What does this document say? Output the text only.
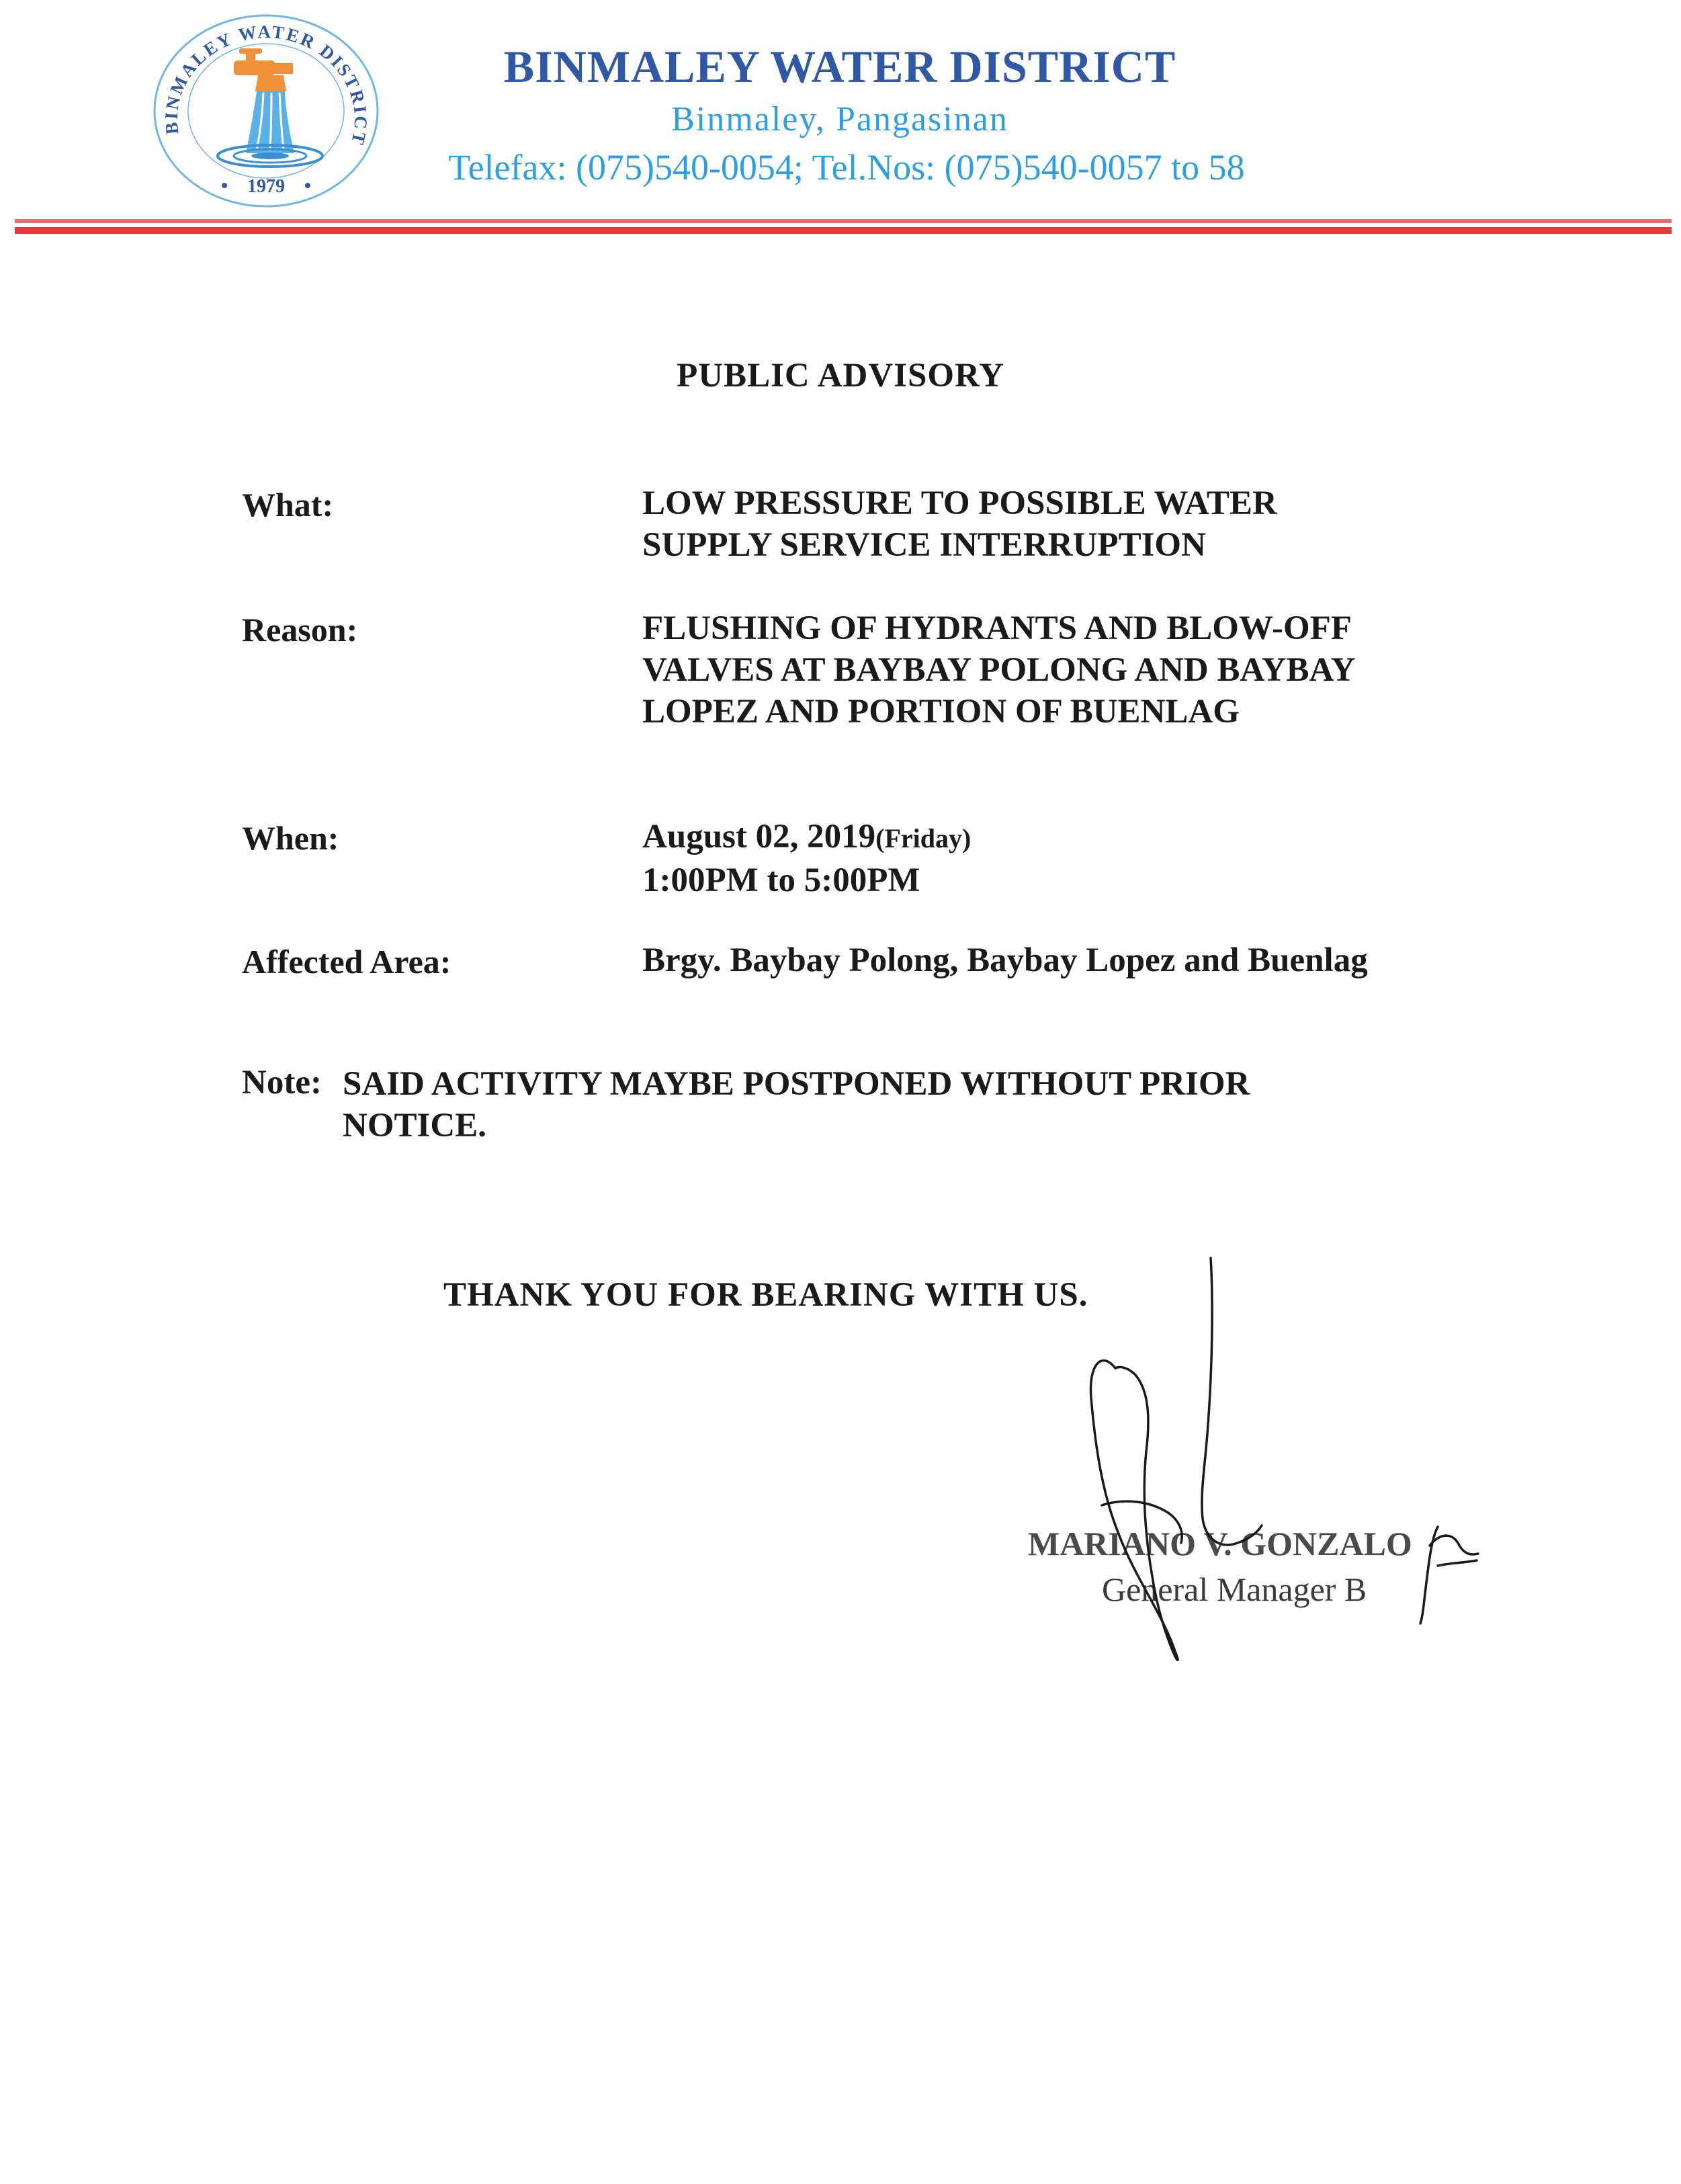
BINMALEY WATER DISTRICT
1979
BINMALEY WATER DISTRICT
Binmaley, Pangasinan
Telefax: (075)540-0054; Tel.Nos: (075)540-0057 to 58
PUBLIC ADVISORY
What:	LOW PRESSURE TO POSSIBLE WATER
SUPPLY SERVICE INTERRUPTION
Reason:	FLUSHING OF HYDRANTS AND BLOW-OFF
VALVES AT BAYBAY POLONG AND BAYBAY
LOPEZ AND PORTION OF BUENLAG
When:	August 02, 2019(Friday)
1:00PM to 5:00PM
Affected Area:	Brgy. Baybay Polong, Baybay Lopez and Buenlag
Note: SAID ACTIVITY MAYBE POSTPONED WITHOUT PRIOR
NOTICE.
THANK YOU FOR BEARING WITH US.
MARIANO V. GONZALO
General Manager B
